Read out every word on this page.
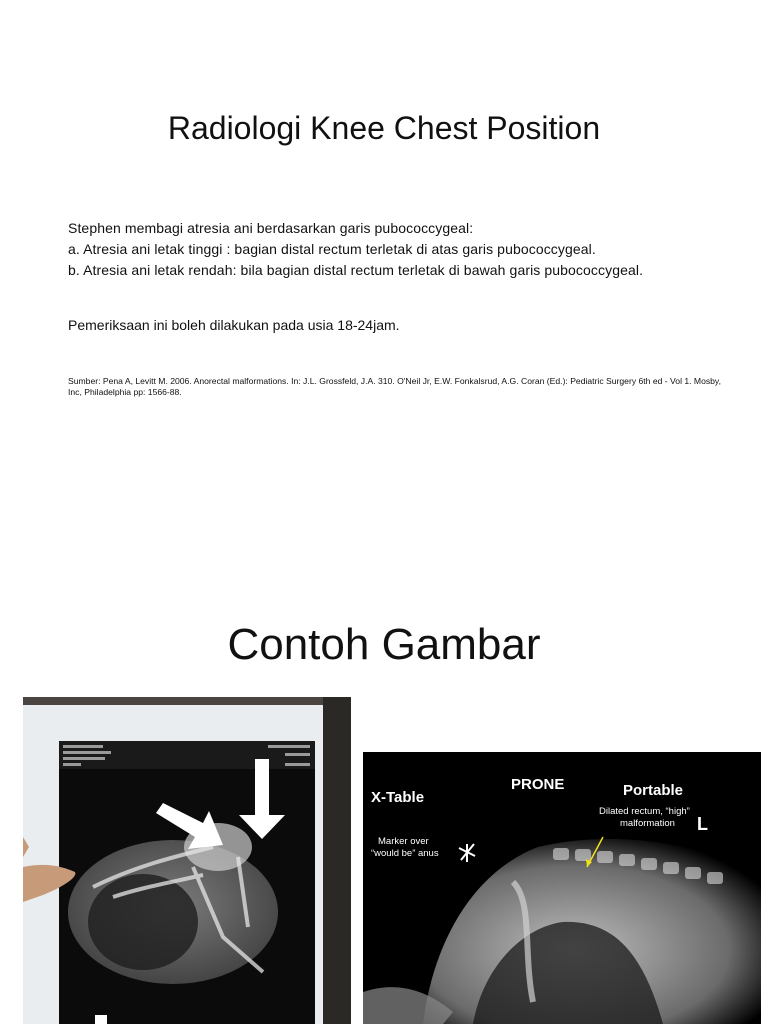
Radiologi Knee Chest Position

Stephen membagi atresia ani berdasarkan garis pubococcygeal:

a. Atresia ani letak tinggi : bagian distal rectum terletak di atas garis pubococcygeal.

b. Atresia ani letak rendah: bila bagian distal rectum terletak di bawah garis pubococcygeal.

Pemeriksaan ini boleh dilakukan pada usia 18-24jam.

Sumber: Pena A, Levitt M. 2006. Anorectal malformations. In: J.L. Grossfeld, J.A. 310. O'Neil Jr, E.W. Fonkalsrud, A.G. Coran (Ed.): Pediatric Surgery 6th ed - Vol 1. Mosby, Inc, Philadelphia pp: 1566-88.

Contoh Gambar
X-Table
PRONE	Portable
Dilated rectum, “high”
malformation L
Marker over
“would be” anus
